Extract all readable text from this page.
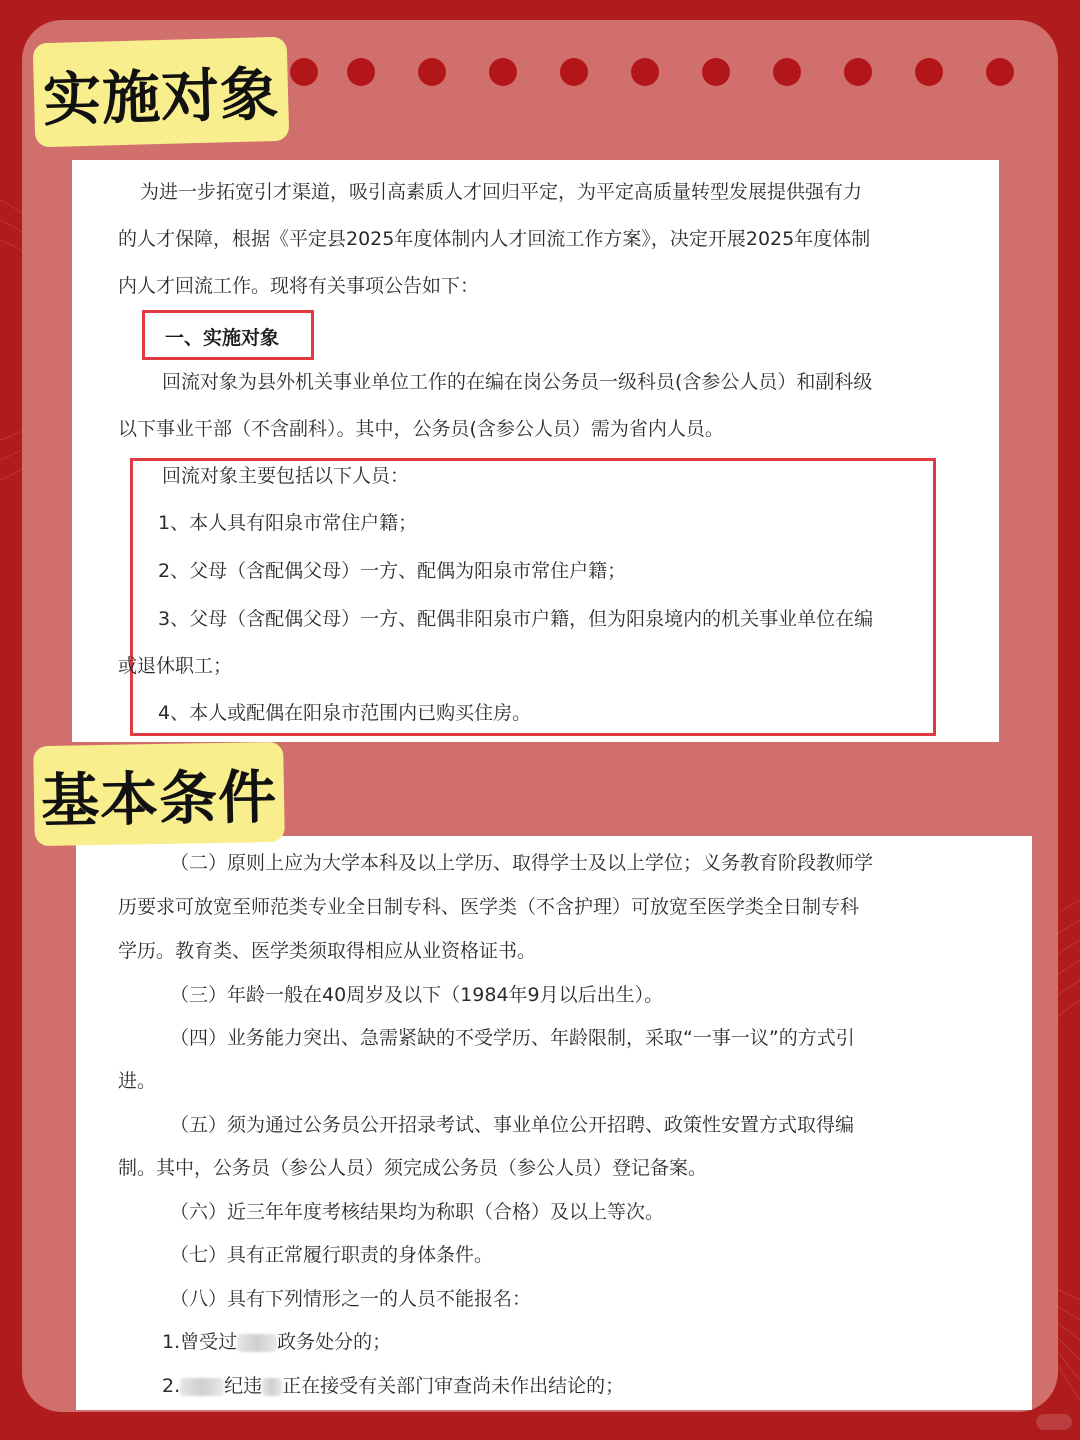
为进一步拓宽引才渠道，吸引高素质人才回归平定，为平定高质量转型发展提供强有力
的人才保障，根据《平定县2025年度体制内人才回流工作方案》，决定开展2025年度体制
内人才回流工作。现将有关事项公告如下：
一、实施对象
回流对象为县外机关事业单位工作的在编在岗公务员一级科员(含参公人员）和副科级
以下事业干部（不含副科）。其中，公务员(含参公人员）需为省内人员。
回流对象主要包括以下人员：
1、本人具有阳泉市常住户籍；
2、父母（含配偶父母）一方、配偶为阳泉市常住户籍；
3、父母（含配偶父母）一方、配偶非阳泉市户籍，但为阳泉境内的机关事业单位在编
或退休职工；
4、本人或配偶在阳泉市范围内已购买住房。
实施对象
基本条件
（二）原则上应为大学本科及以上学历、取得学士及以上学位；义务教育阶段教师学
历要求可放宽至师范类专业全日制专科、医学类（不含护理）可放宽至医学类全日制专科
学历。教育类、医学类须取得相应从业资格证书。
（三）年龄一般在40周岁及以下（1984年9月以后出生）。
（四）业务能力突出、急需紧缺的不受学历、年龄限制，采取“一事一议”的方式引
进。
（五）须为通过公务员公开招录考试、事业单位公开招聘、政策性安置方式取得编
制。其中，公务员（参公人员）须完成公务员（参公人员）登记备案。
（六）近三年年度考核结果均为称职（合格）及以上等次。
（七）具有正常履行职责的身体条件。
（八）具有下列情形之一的人员不能报名：
1.曾受过 政务处分的；
2. 纪违 正在接受有关部门审查尚未作出结论的；
